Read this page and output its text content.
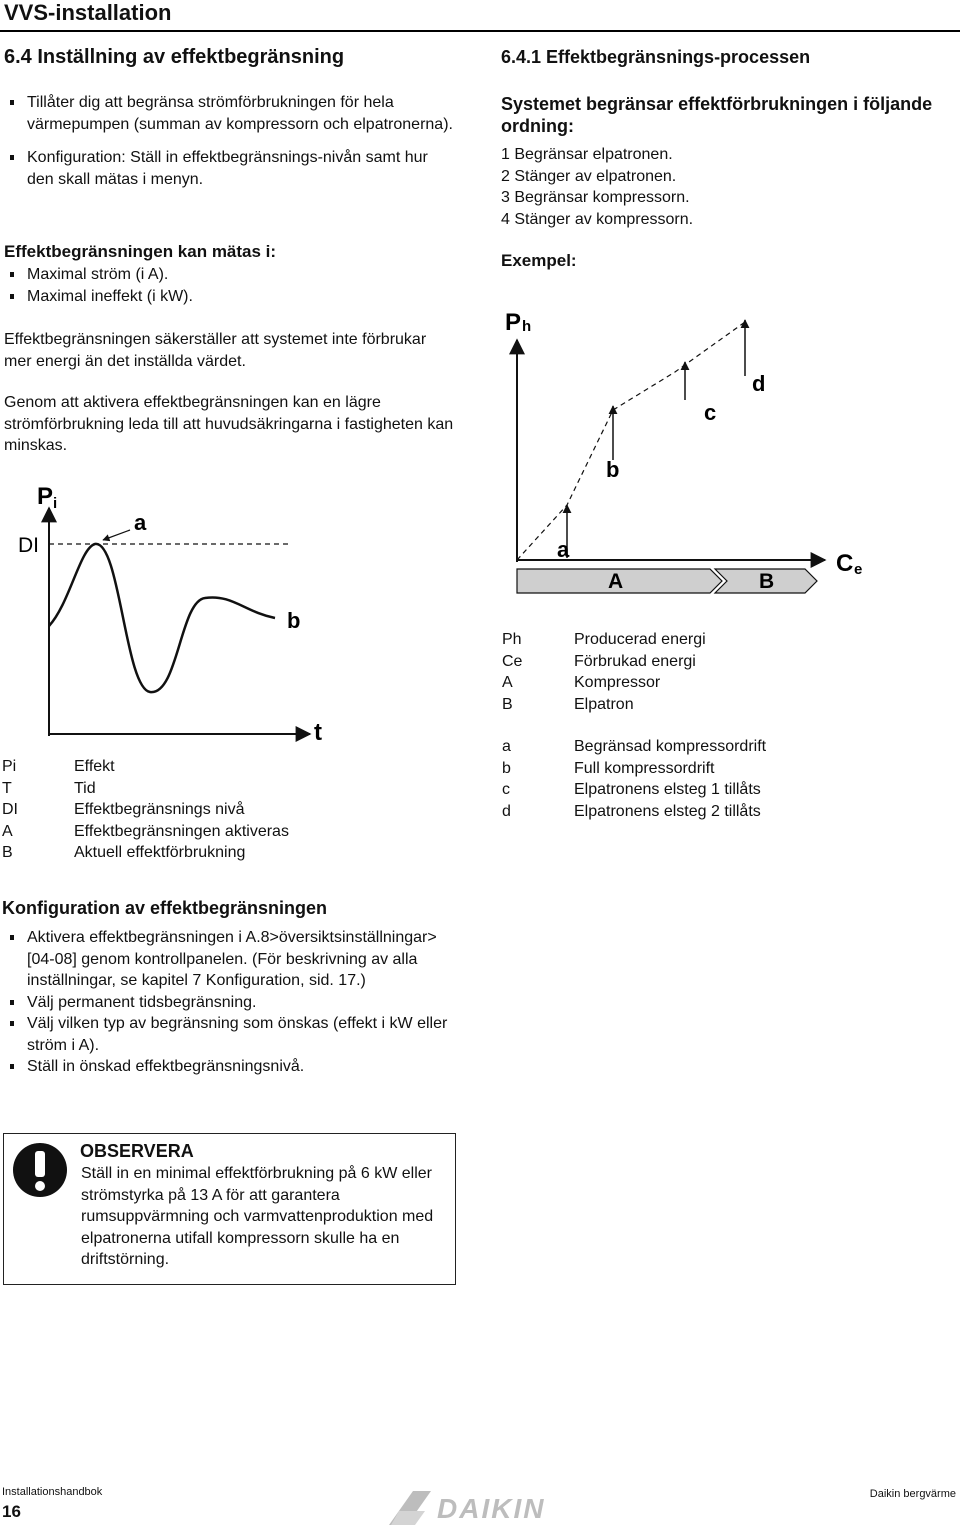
VVS-installation
6.4 Inställning av effektbegränsning
Tillåter dig att begränsa strömförbrukningen för hela värmepumpen (summan av kompressorn och elpatronerna).
Konfiguration: Ställ in effektbegränsnings-nivån samt hur den skall mätas i menyn.
Effektbegränsningen kan mätas i:
Maximal ström (i A).
Maximal ineffekt (i kW).
Effektbegränsningen säkerställer att systemet inte förbrukar mer energi än det inställda värdet.
Genom att aktivera effektbegränsningen kan en lägre strömförbrukning leda till att huvudsäkringarna i fastigheten kan minskas.
P i
DI
a
b
t
Pi	Effekt
T	Tid
DI	Effektbegränsnings nivå
A	Effektbegränsningen aktiveras
B	Aktuell effektförbrukning
6.4.1 Effektbegränsnings-processen
Systemet begränsar effektförbrukningen i följande ordning:
1 Begränsar elpatronen.
2 Stänger av elpatronen.
3 Begränsar kompressorn.
4 Stänger av kompressorn.
Exempel:
P h
a
b
c
d
A	B
C e
Ph	Producerad energi
Ce	Förbrukad energi
A	Kompressor
B	Elpatron
a	Begränsad kompressordrift
b	Full kompressordrift
c	Elpatronens elsteg 1 tillåts
d	Elpatronens elsteg 2 tillåts
Konfiguration av effektbegränsningen
Aktivera effektbegränsningen i A.8>översiktsinställningar> [04-08] genom kontrollpanelen. (För beskrivning av alla inställningar, se kapitel 7 Konfiguration, sid. 17.)
Välj permanent tidsbegränsning.
Välj vilken typ av begränsning som önskas (effekt i kW eller ström i A).
Ställ in önskad effektbegränsningsnivå.
OBSERVERA
Ställ in en minimal effektförbrukning på 6 kW eller strömstyrka på 13 A för att garantera rumsuppvärmning och varmvattenproduktion med elpatronerna utifall kompressorn skulle ha en driftstörning.
Installationshandbok
16	DAIKIN	Daikin bergvärme
